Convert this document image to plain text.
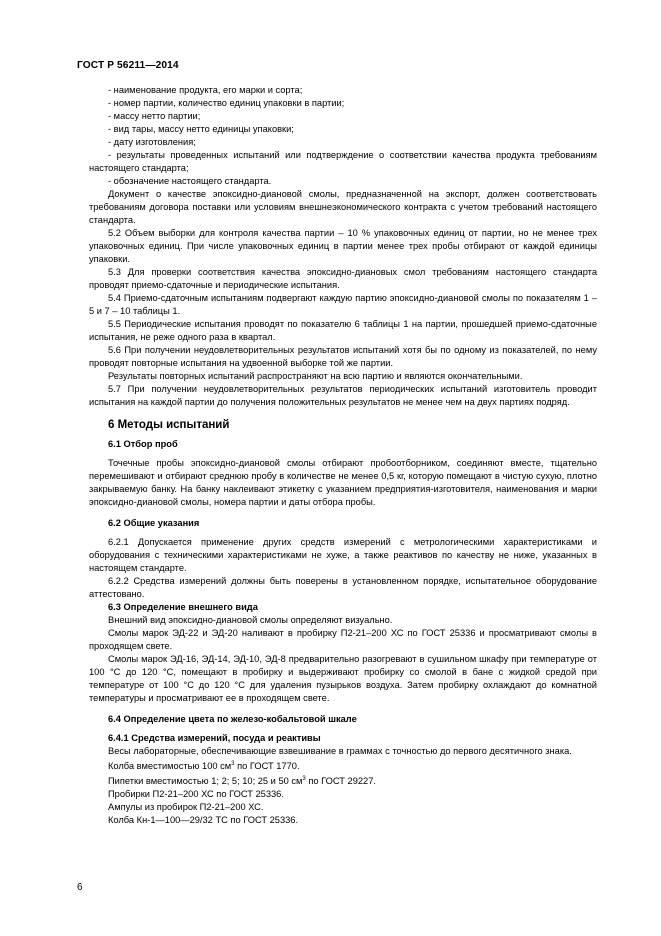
ГОСТ Р 56211—2014

- наименование продукта, его марки и сорта;

- номер партии, количество единиц упаковки в партии;

- массу нетто партии;

- вид тары, массу нетто единицы упаковки;

- дату изготовления;

- результаты проведенных испытаний или подтверждение о соответствии качества продукта требованиям настоящего стандарта;

- обозначение настоящего стандарта.

Документ о качестве эпоксидно-диановой смолы, предназначенной на экспорт, должен соответствовать требованиям договора поставки или условиям внешнеэкономического контракта с учетом требований настоящего стандарта.

5.2 Объем выборки для контроля качества партии – 10 % упаковочных единиц от партии, но не менее трех упаковочных единиц. При числе упаковочных единиц в партии менее трех пробы отбирают от каждой единицы упаковки.

5.3 Для проверки соответствия качества эпоксидно-диановых смол требованиям настоящего стандарта проводят приемо-сдаточные и периодические испытания.

5.4 Приемо-сдаточным испытаниям подвергают каждую партию эпоксидно-диановой смолы по показателям 1 – 5 и 7 – 10 таблицы 1.

5.5 Периодические испытания проводят по показателю 6 таблицы 1 на партии, прошедшей приемо-сдаточные испытания, не реже одного раза в квартал.

5.6 При получении неудовлетворительных результатов испытаний хотя бы по одному из показателей, по нему проводят повторные испытания на удвоенной выборке той же партии.

Результаты повторных испытаний распространяют на всю партию и являются окончательными.

5.7 При получении неудовлетворительных результатов периодических испытаний изготовитель проводит испытания на каждой партии до получения положительных результатов не менее чем на двух партиях подряд.

6 Методы испытаний

6.1 Отбор проб

Точечные пробы эпоксидно-диановой смолы отбирают пробоотборником, соединяют вместе, тщательно перемешивают и отбирают среднюю пробу в количестве не менее 0,5 кг, которую помещают в чистую сухую, плотно закрываемую банку. На банку наклеивают этикетку с указанием предприятия-изготовителя, наименования и марки эпоксидно-диановой смолы, номера партии и даты отбора пробы.

6.2 Общие указания

6.2.1 Допускается применение других средств измерений с метрологическими характеристиками и оборудования с техническими характеристиками не хуже, а также реактивов по качеству не ниже, указанных в настоящем стандарте.

6.2.2 Средства измерений должны быть поверены в установленном порядке, испытательное оборудование аттестовано.

6.3 Определение внешнего вида

Внешний вид эпоксидно-диановой смолы определяют визуально.

Смолы марок ЭД-22 и ЭД-20 наливают в пробирку П2-21–200 ХС по ГОСТ 25336 и просматривают смолы в проходящем свете.

Смолы марок ЭД-16, ЭД-14, ЭД-10, ЭД-8 предварительно разогревают в сушильном шкафу при температуре от 100 °С до 120 °С, помещают в пробирку и выдерживают пробирку со смолой в бане с жидкой средой при температуре от 100 °С до 120 °С для удаления пузырьков воздуха. Затем пробирку охлаждают до комнатной температуры и просматривают ее в проходящем свете.

6.4 Определение цвета по железо-кобальтовой шкале

6.4.1 Средства измерений, посуда и реактивы

Весы лабораторные, обеспечивающие взвешивание в граммах с точностью до первого десятичного знака.

Колба вместимостью 100 $см^3$ по ГОСТ 1770.

Пипетки вместимостью 1; 2; 5; 10; 25 и 50 $см^3$ по ГОСТ 29227.

Пробирки П2-21–200 ХС по ГОСТ 25336.

Ампулы из пробирок П2-21–200 ХС.

Колба Кн-1—100—29/32 ТС по ГОСТ 25336.

6
